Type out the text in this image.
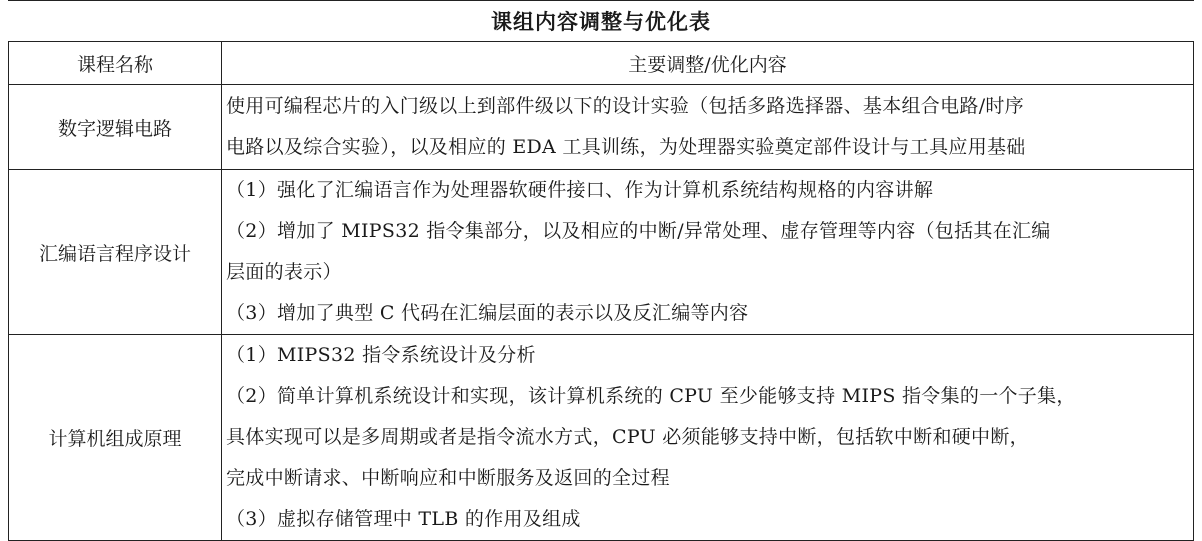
课组内容调整与优化表
课程名称	主要调整/优化内容
数字逻辑电路	使用可编程芯片的入门级以上到部件级以下的设计实验（包括多路选择器、基本组合电路/时序
电路以及综合实验），以及相应的 EDA 工具训练，为处理器实验奠定部件设计与工具应用基础

汇编语言程序设计	（1）强化了汇编语言作为处理器软硬件接口、作为计算机系统结构规格的内容讲解
（2）增加了 MIPS32 指令集部分，以及相应的中断/异常处理、虚存管理等内容（包括其在汇编
层面的表示）
（3）增加了典型 C 代码在汇编层面的表示以及反汇编等内容

计算机组成原理	（1）MIPS32 指令系统设计及分析
（2）简单计算机系统设计和实现，该计算机系统的 CPU 至少能够支持 MIPS 指令集的一个子集，
具体实现可以是多周期或者是指令流水方式，CPU 必须能够支持中断，包括软中断和硬中断，
完成中断请求、中断响应和中断服务及返回的全过程
（3）虚拟存储管理中 TLB 的作用及组成
